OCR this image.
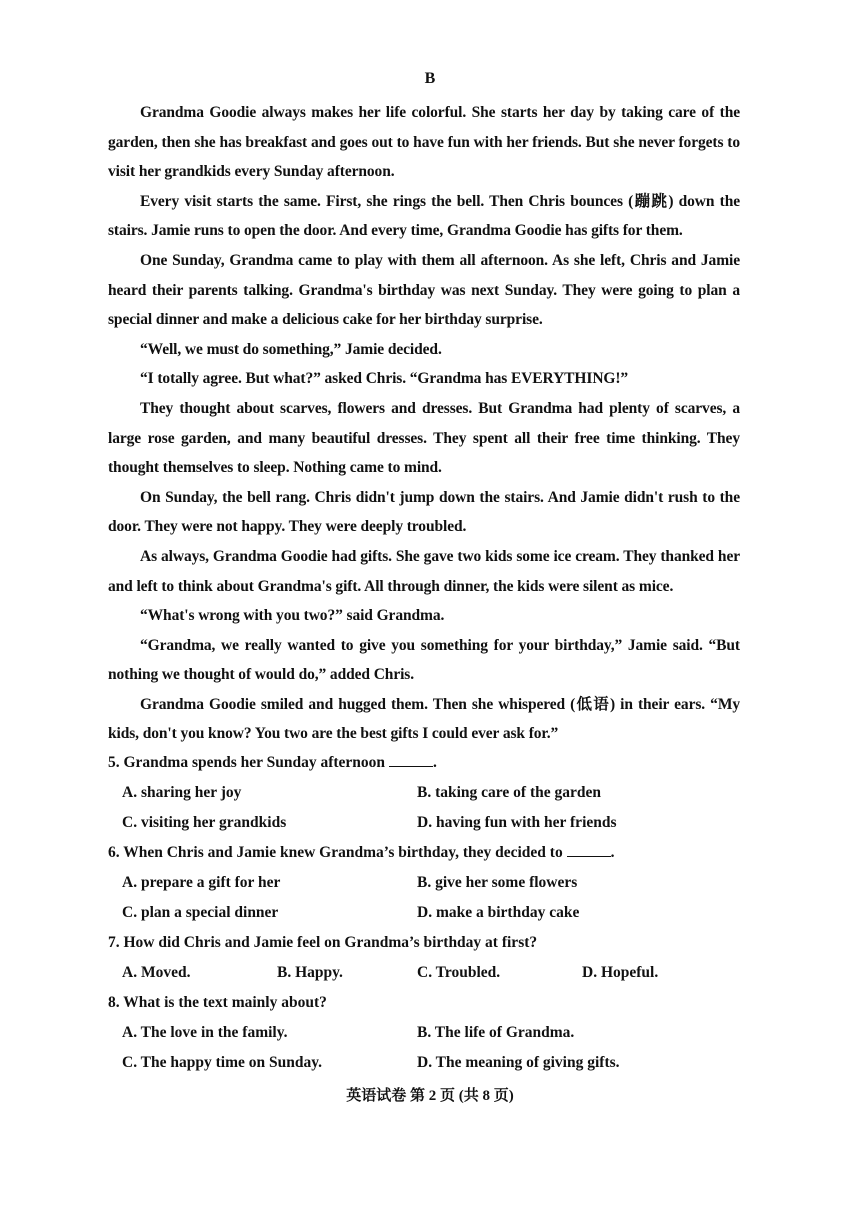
B

Grandma Goodie always makes her life colorful. She starts her day by taking care of the garden, then she has breakfast and goes out to have fun with her friends. But she never forgets to visit her grandkids every Sunday afternoon.

Every visit starts the same. First, she rings the bell. Then Chris bounces (蹦跳) down the stairs. Jamie runs to open the door. And every time, Grandma Goodie has gifts for them.

One Sunday, Grandma came to play with them all afternoon. As she left, Chris and Jamie heard their parents talking. Grandma's birthday was next Sunday. They were going to plan a special dinner and make a delicious cake for her birthday surprise.

“Well, we must do something,” Jamie decided.

“I totally agree. But what?” asked Chris. “Grandma has EVERYTHING!”

They thought about scarves, flowers and dresses. But Grandma had plenty of scarves, a large rose garden, and many beautiful dresses. They spent all their free time thinking. They thought themselves to sleep. Nothing came to mind.

On Sunday, the bell rang. Chris didn't jump down the stairs. And Jamie didn't rush to the door. They were not happy. They were deeply troubled.

As always, Grandma Goodie had gifts. She gave two kids some ice cream. They thanked her and left to think about Grandma's gift. All through dinner, the kids were silent as mice.

“What's wrong with you two?” said Grandma.

“Grandma, we really wanted to give you something for your birthday,” Jamie said. “But nothing we thought of would do,” added Chris.

Grandma Goodie smiled and hugged them. Then she whispered (低语) in their ears. “My kids, don't you know? You two are the best gifts I could ever ask for.”

5. Grandma spends her Sunday afternoon	.
A. sharing her joy	B. taking care of the garden
C. visiting her grandkids	D. having fun with her friends
6. When Chris and Jamie knew Grandma’s birthday, they decided to	.
A. prepare a gift for her	B. give her some flowers
C. plan a special dinner	D. make a birthday cake
7. How did Chris and Jamie feel on Grandma’s birthday at first?
A. Moved.	B. Happy.	C. Troubled.	D. Hopeful.
8. What is the text mainly about?
A. The love in the family.	B. The life of Grandma.
C. The happy time on Sunday.	D. The meaning of giving gifts.
英语试卷 第 2 页 (共 8 页)
